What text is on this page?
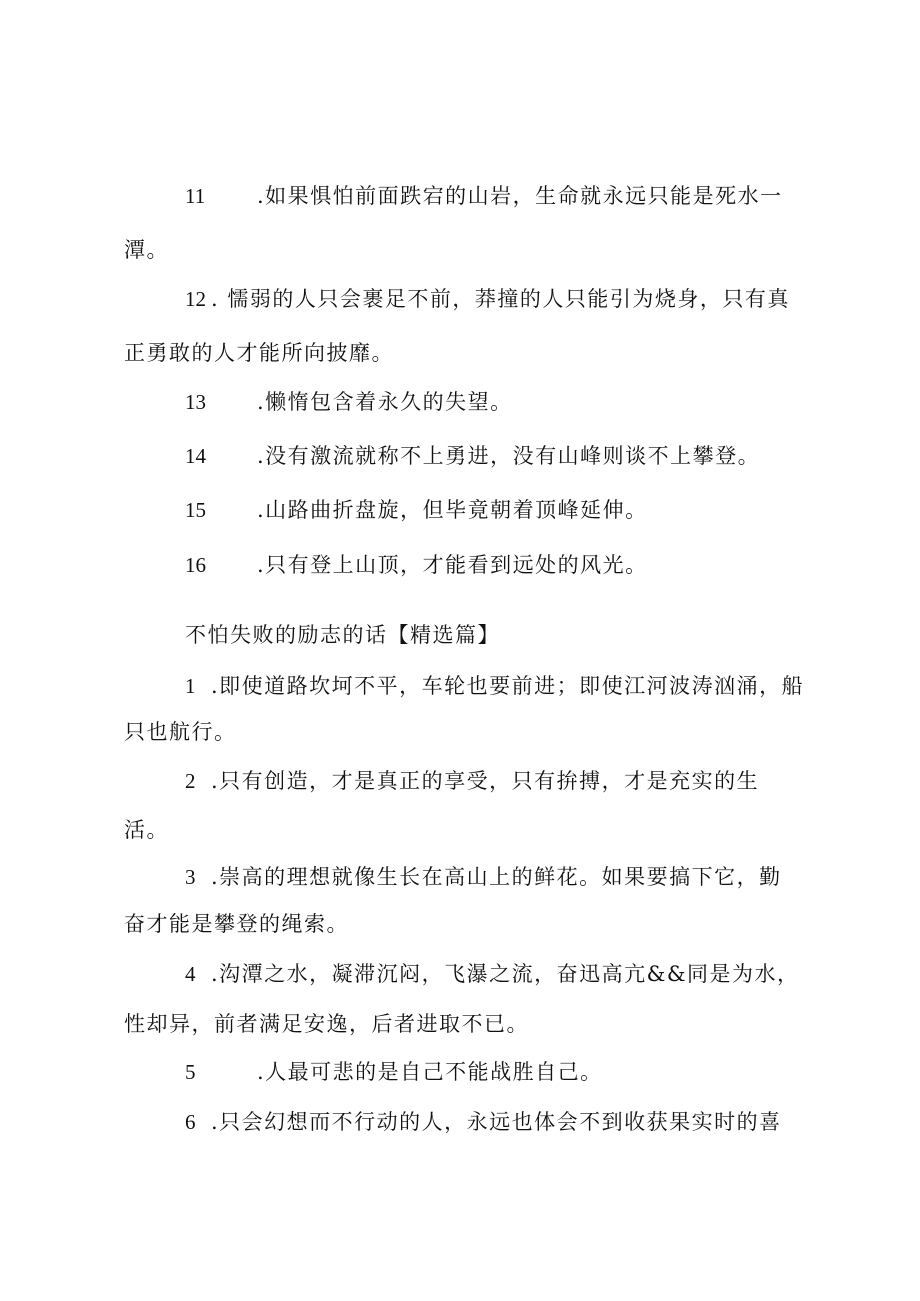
11 .如果惧怕前面跌宕的山岩，生命就永远只能是死水一
潭。
12 . 懦弱的人只会裹足不前，莽撞的人只能引为烧身，只有真
正勇敢的人才能所向披靡。
13 .懒惰包含着永久的失望。
14 .没有激流就称不上勇进，没有山峰则谈不上攀登。
15 .山路曲折盘旋，但毕竟朝着顶峰延伸。
16 .只有登上山顶，才能看到远处的风光。
不怕失败的励志的话【精选篇】
1 .即使道路坎坷不平，车轮也要前进；即使江河波涛汹涌，船
只也航行。
2 .只有创造，才是真正的享受，只有拚搏，才是充实的生
活。
3 .崇高的理想就像生长在高山上的鲜花。如果要搞下它，勤
奋才能是攀登的绳索。
4 .沟潭之水，凝滞沉闷，飞瀑之流，奋迅高亢&&同是为水，
性却异，前者满足安逸，后者进取不已。
5	.人最可悲的是自己不能战胜自己。
6 .只会幻想而不行动的人，永远也体会不到收获果实时的喜
